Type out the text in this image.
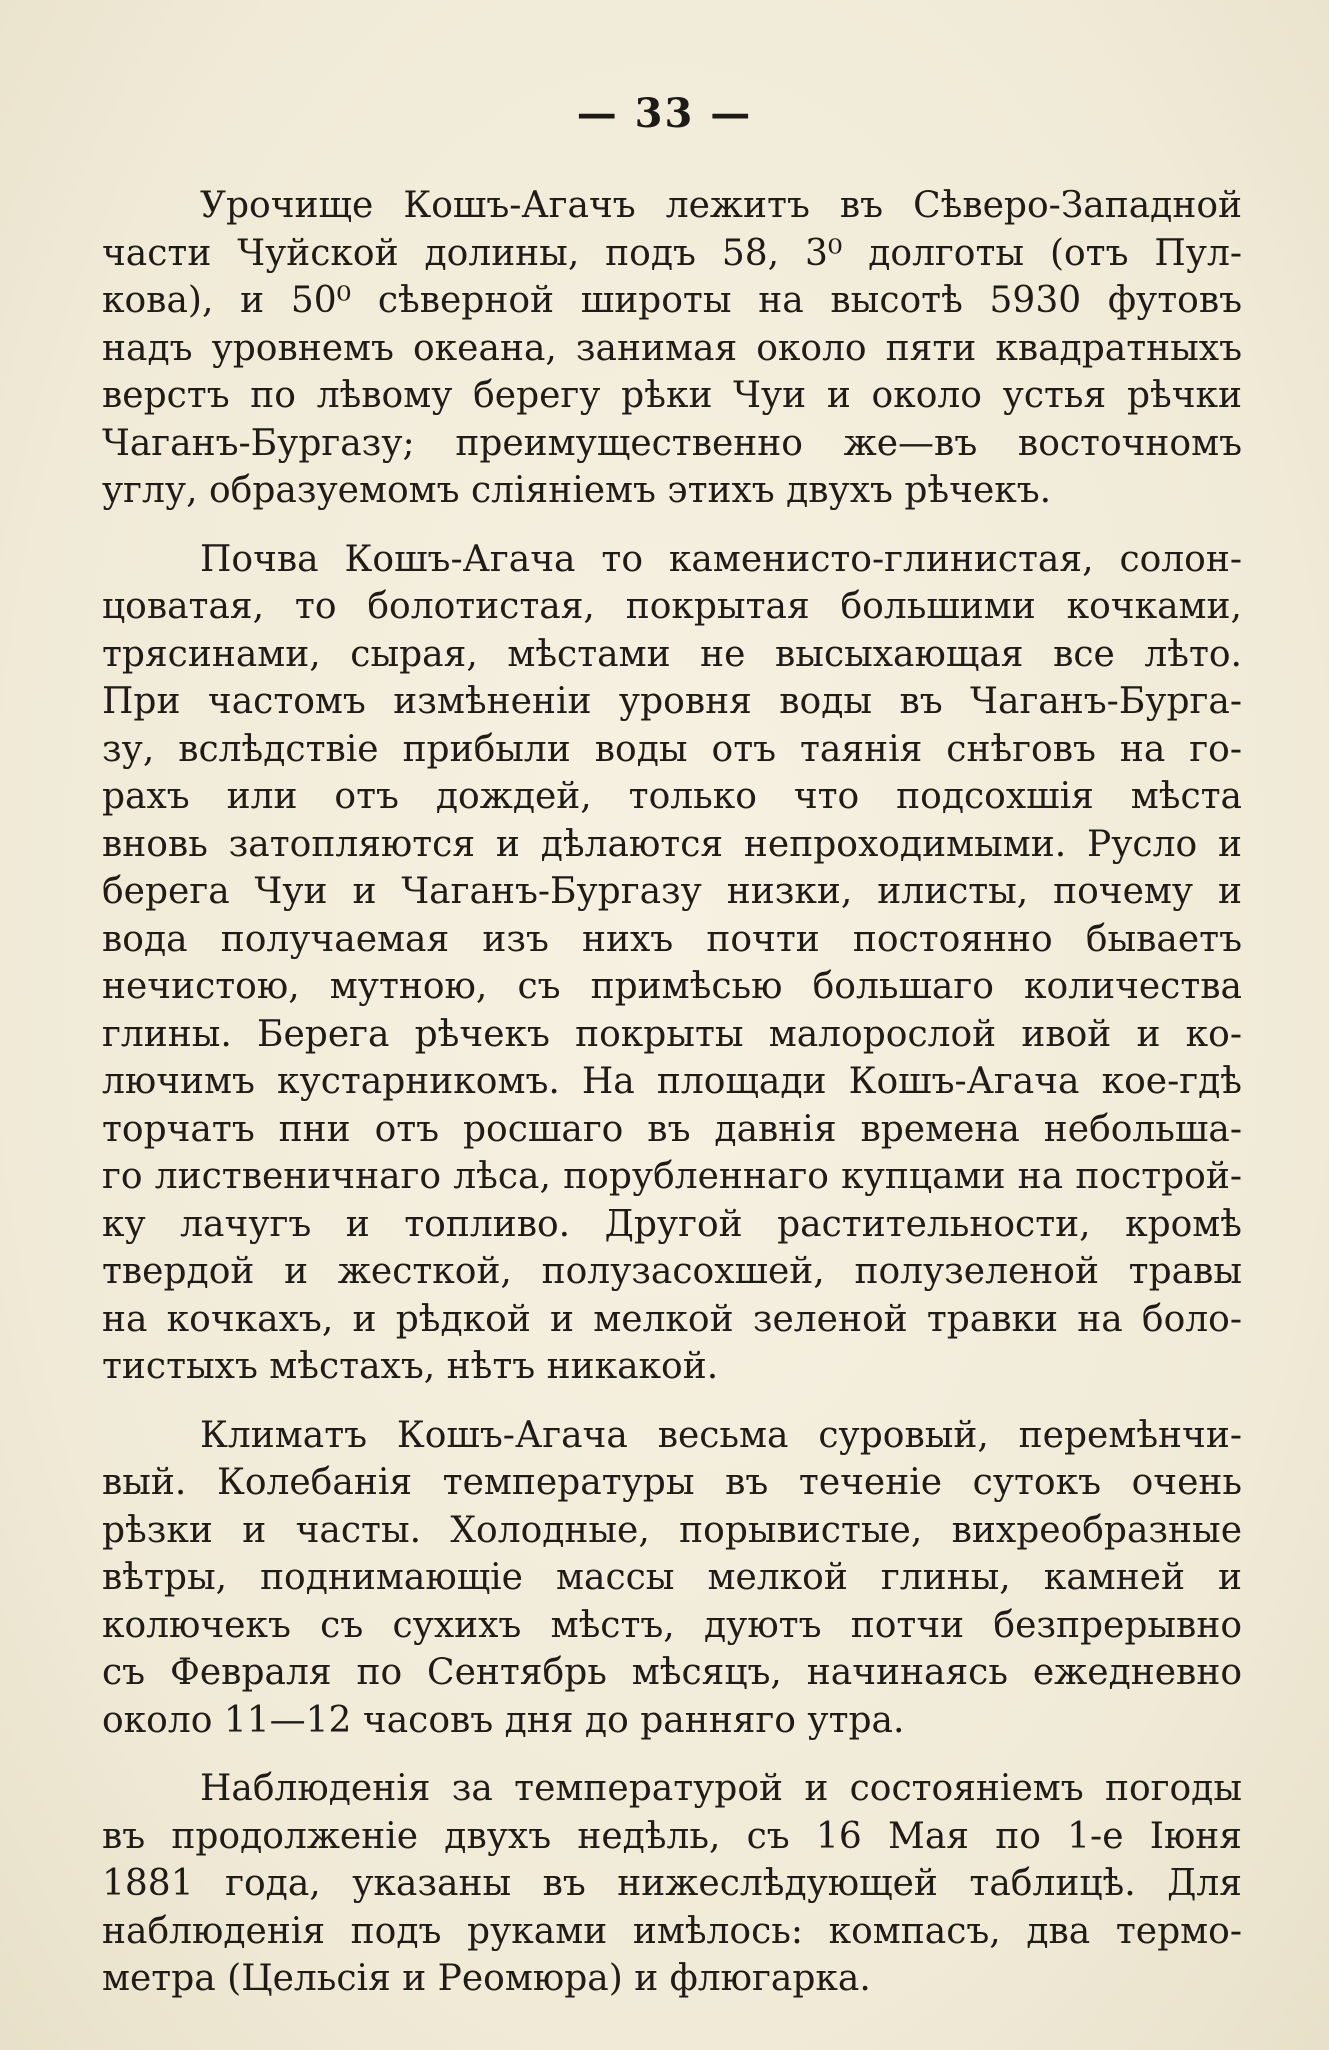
— 33 —
Урочище Кошъ-Агачъ лежитъ въ Сѣверо-Западной
части Чуйской долины, подъ 58, 3⁰ долготы (отъ Пул-
кова), и 50⁰ сѣверной широты на высотѣ 5930 футовъ
надъ уровнемъ океана, занимая около пяти квадратныхъ
верстъ по лѣвому берегу рѣки Чуи и около устья рѣчки
Чаганъ-Бургазу; преимущественно же—въ восточномъ
углу, образуемомъ сліяніемъ этихъ двухъ рѣчекъ.
Почва Кошъ-Агача то каменисто-глинистая, солон-
цоватая, то болотистая, покрытая большими кочками,
трясинами, сырая, мѣстами не высыхающая все лѣто.
При частомъ измѣненіи уровня воды въ Чаганъ-Бурга-
зу, вслѣдствіе прибыли воды отъ таянія снѣговъ на го-
рахъ или отъ дождей, только что подсохшія мѣста
вновь затопляются и дѣлаются непроходимыми. Русло и
берега Чуи и Чаганъ-Бургазу низки, илисты, почему и
вода получаемая изъ нихъ почти постоянно бываетъ
нечистою, мутною, съ примѣсью большаго количества
глины. Берега рѣчекъ покрыты малорослой ивой и ко-
лючимъ кустарникомъ. На площади Кошъ-Агача кое-гдѣ
торчатъ пни отъ росшаго въ давнія времена небольша-
го лиственичнаго лѣса, порубленнаго купцами на построй-
ку лачугъ и топливо. Другой растительности, кромѣ
твердой и жесткой, полузасохшей, полузеленой травы
на кочкахъ, и рѣдкой и мелкой зеленой травки на боло-
тистыхъ мѣстахъ, нѣтъ никакой.
Климатъ Кошъ-Агача весьма суровый, перемѣнчи-
вый. Колебанія температуры въ теченіе сутокъ очень
рѣзки и часты. Холодные, порывистые, вихреобразные
вѣтры, поднимающіе массы мелкой глины, камней и
колючекъ съ сухихъ мѣстъ, дуютъ потчи безпрерывно
съ Февраля по Сентябрь мѣсяцъ, начинаясь ежедневно
около 11—12 часовъ дня до ранняго утра.
Наблюденія за температурой и состояніемъ погоды
въ продолженіе двухъ недѣль, съ 16 Мая по 1-е Іюня
1881 года, указаны въ нижеслѣдующей таблицѣ. Для
наблюденія подъ руками имѣлось: компасъ, два термо-
метра (Цельсія и Реомюра) и флюгарка.
